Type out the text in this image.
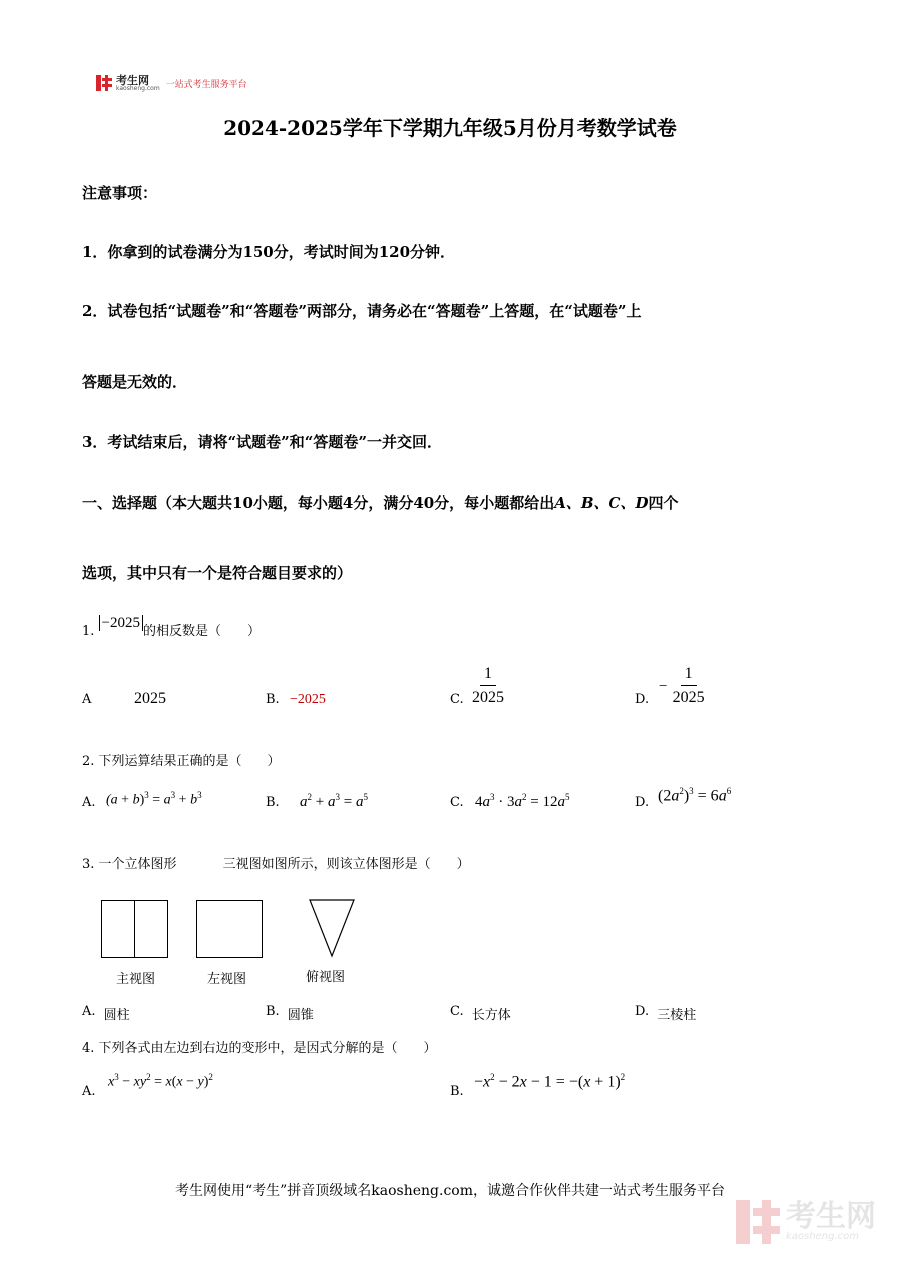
考生网
kaosheng.com 一站式考生服务平台
2024-2025学年下学期九年级5月份月考数学试卷
注意事项：
1．你拿到的试卷满分为150分，考试时间为120分钟．
2．试卷包括“试题卷”和“答题卷”两部分，请务必在“答题卷”上答题，在“试题卷”上
答题是无效的．
3．考试结束后，请将“试题卷”和“答题卷”一并交回．
一、选择题（本大题共10小题，每小题4分，满分40分，每小题都给出A、B、C、D四个
选项，其中只有一个是符合题目要求的）
1. −2025的相反数是（　　）
A	2025	B. −2025	C. $\frac{1}{2025}$	D.
− $\frac{1}{2025}$
2. 下列运算结果正确的是（　　）
A. $(a + b)^3 = a^3 + b^3$	B. $a^2 + a^3 = a^5$	C. $4a^3 \cdot 3a^2 = 12a^5$	D. $(2a^2)^3 = 6a^6$
3. 一个立体图形	三视图如图所示，则该立体图形是（　　）
主视图	左视图	俯视图
A. 圆柱	B. 圆锥	C. 长方体	D. 三棱柱
4. 下列各式由左边到右边的变形中，是因式分解的是（　　）
A.
$x^3 - xy^2 = x(x - y)^2$
B.
$-x^2 - 2x - 1 = -(x + 1)^2$
考生网使用“考生”拼音顶级域名kaosheng.com，诚邀合作伙伴共建一站式考生服务平台
考生网
kaosheng.com
